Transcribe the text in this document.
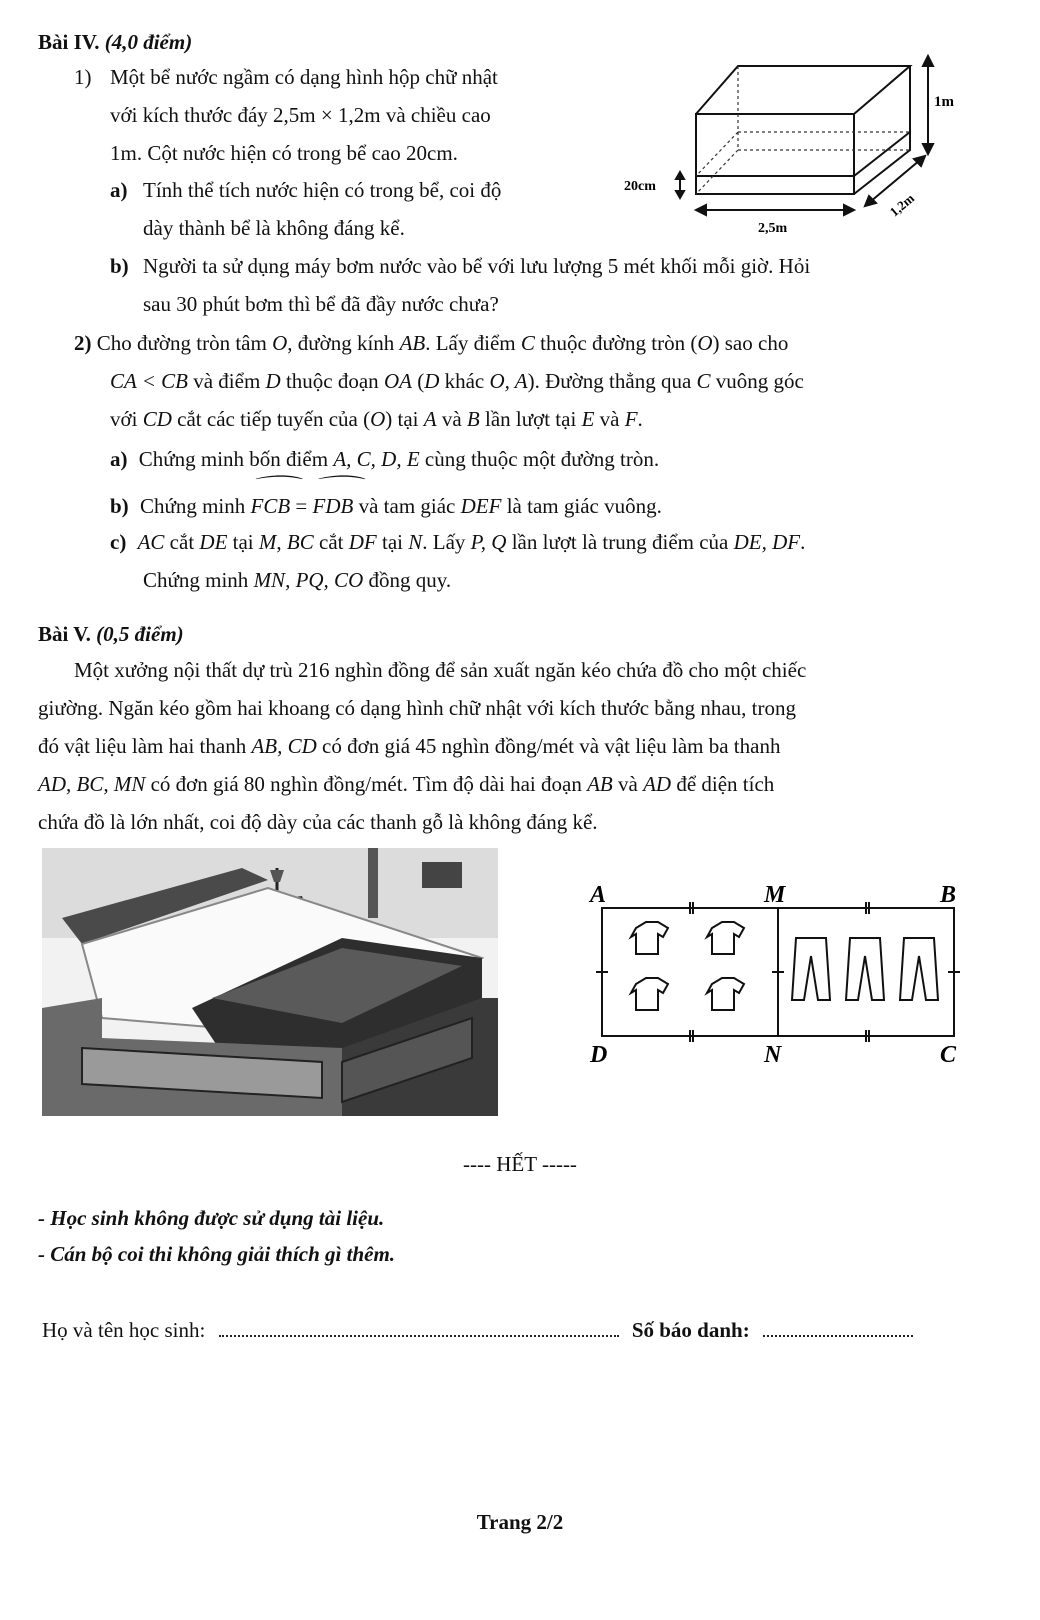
Bài IV. (4,0 điểm)
1) Một bể nước ngầm có dạng hình hộp chữ nhật
với kích thước đáy 2,5m × 1,2m và chiều cao
1m. Cột nước hiện có trong bể cao 20cm.
a) Tính thể tích nước hiện có trong bể, coi độ
dày thành bể là không đáng kể.
b) Người ta sử dụng máy bơm nước vào bể với lưu lượng 5 mét khối mỗi giờ. Hỏi
sau 30 phút bơm thì bể đã đầy nước chưa?
1m
20cm
2,5m
1,2m
2) Cho đường tròn tâm O, đường kính AB. Lấy điểm C thuộc đường tròn (O) sao cho
CA < CB và điểm D thuộc đoạn OA (D khác O, A). Đường thẳng qua C vuông góc
với CD cắt các tiếp tuyến của (O) tại A và B lần lượt tại E và F.
a) Chứng minh bốn điểm A, C, D, E cùng thuộc một đường tròn.
b) Chứng minh ⌒ FCB = ⌒ FDB và tam giác DEF là tam giác vuông.
c) AC cắt DE tại M, BC cắt DF tại N. Lấy P, Q lần lượt là trung điểm của DE, DF.
Chứng minh MN, PQ, CO đồng quy.
Bài V. (0,5 điểm)
Một xưởng nội thất dự trù 216 nghìn đồng để sản xuất ngăn kéo chứa đồ cho một chiếc
giường. Ngăn kéo gồm hai khoang có dạng hình chữ nhật với kích thước bằng nhau, trong
đó vật liệu làm hai thanh AB, CD có đơn giá 45 nghìn đồng/mét và vật liệu làm ba thanh
AD, BC, MN có đơn giá 80 nghìn đồng/mét. Tìm độ dài hai đoạn AB và AD để diện tích
chứa đồ là lớn nhất, coi độ dày của các thanh gỗ là không đáng kể.
A	M	B
D	N	C
---- HẾT -----
- Học sinh không được sử dụng tài liệu.
- Cán bộ coi thi không giải thích gì thêm.
Họ và tên học sinh:	Số báo danh:
Trang 2/2
